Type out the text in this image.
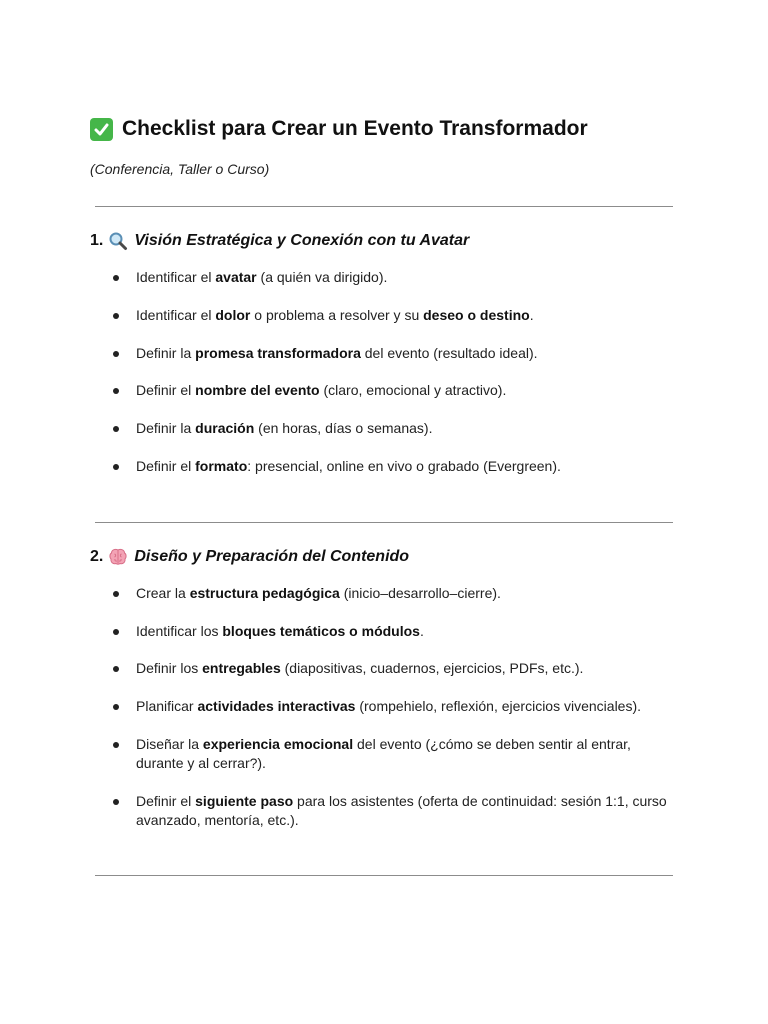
Checklist para Crear un Evento Transformador
(Conferencia, Taller o Curso)
1. Visión Estratégica y Conexión con tu Avatar
Identificar el avatar (a quién va dirigido).
Identificar el dolor o problema a resolver y su deseo o destino.
Definir la promesa transformadora del evento (resultado ideal).
Definir el nombre del evento (claro, emocional y atractivo).
Definir la duración (en horas, días o semanas).
Definir el formato: presencial, online en vivo o grabado (Evergreen).
2. Diseño y Preparación del Contenido
Crear la estructura pedagógica (inicio–desarrollo–cierre).
Identificar los bloques temáticos o módulos.
Definir los entregables (diapositivas, cuadernos, ejercicios, PDFs, etc.).
Planificar actividades interactivas (rompehielo, reflexión, ejercicios vivenciales).
Diseñar la experiencia emocional del evento (¿cómo se deben sentir al entrar, durante y al cerrar?).
Definir el siguiente paso para los asistentes (oferta de continuidad: sesión 1:1, curso avanzado, mentoría, etc.).
